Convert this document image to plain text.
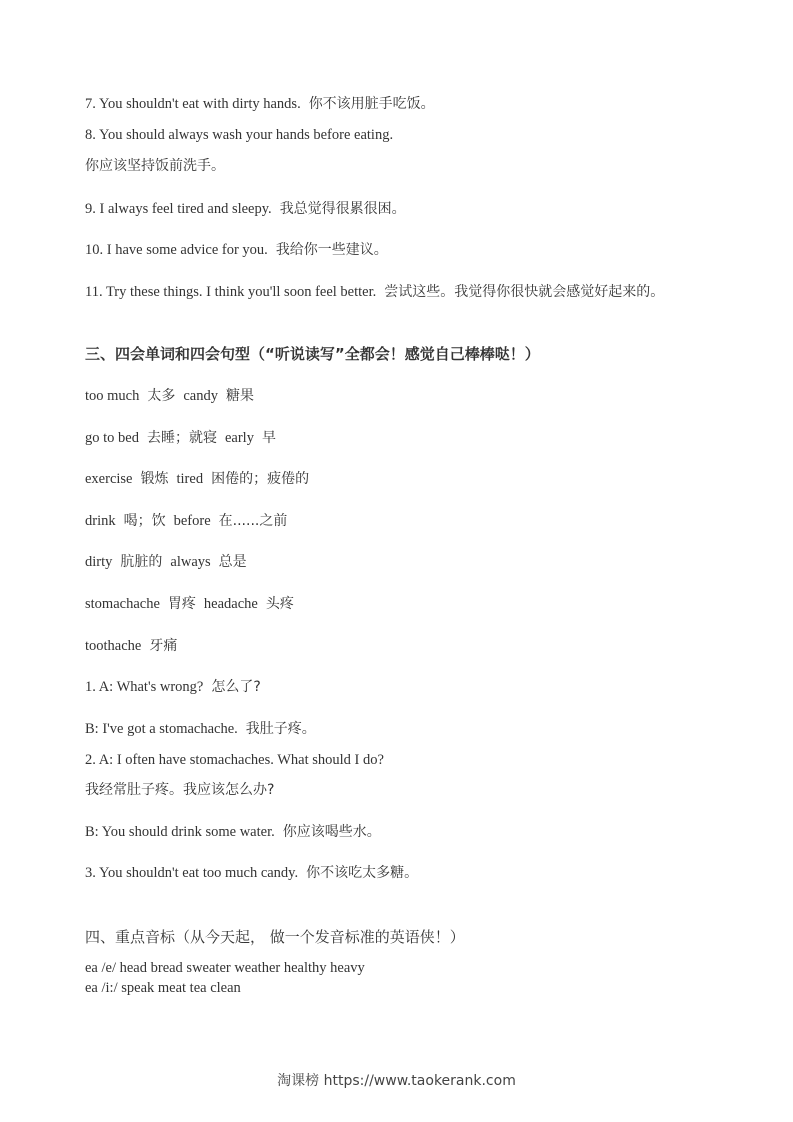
7. You shouldn't eat with dirty hands. 你不该用脏手吃饭。
8. You should always wash your hands before eating.
你应该坚持饭前洗手。
9. I always feel tired and sleepy. 我总觉得很累很困。
10. I have some advice for you. 我给你一些建议。
11. Try these things. I think you'll soon feel better. 尝试这些。我觉得你很快就会感觉好起来的。
三、四会单词和四会句型（“听说读写”全都会！感觉自己棒棒哒！）
too much 太多 candy 糖果
go to bed 去睡；就寝 early 早
exercise 锻炼 tired 困倦的；疲倦的
drink 喝；饮 before 在......之前
dirty 肮脏的 always 总是
stomachache 胃疼 headache 头疼
toothache 牙痛
1. A: What's wrong? 怎么了?
B: I've got a stomachache. 我肚子疼。
2. A: I often have stomachaches. What should I do?
我经常肚子疼。我应该怎么办?
B: You should drink some water. 你应该喝些水。
3. You shouldn't eat too much candy. 你不该吃太多糖。
四、重点音标（从今天起， 做一个发音标准的英语侠！）
ea /e/ head bread sweater weather healthy heavy
ea /i:/ speak meat tea clean
淘课榜 https://www.taokerank.com
